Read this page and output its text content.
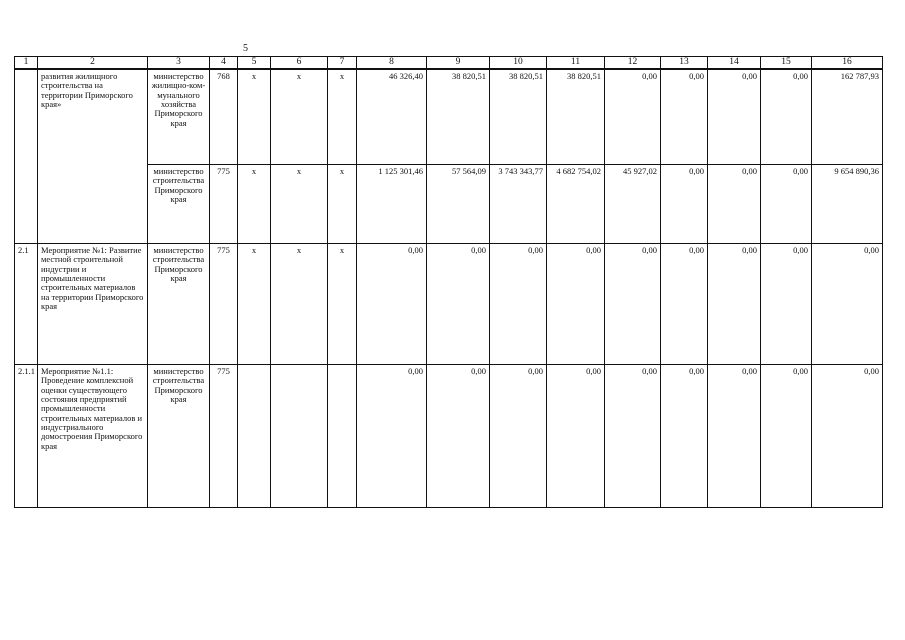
5
1	2	3	4	5	6	7	8	9	10	11	12	13	14	15	16
	развития жилищного строительства на территории Приморского края»	министерство жилищно-ком-мунального хозяйства Приморского края	768	x	x	x	46 326,40	38 820,51	38 820,51	38 820,51	0,00	0,00	0,00	0,00	162 787,93
		министерство строительства Приморского края	775	x	x	x	1 125 301,46	57 564,09	3 743 343,77	4 682 754,02	45 927,02	0,00	0,00	0,00	9 654 890,36
2.1	Мероприятие №1: Развитие местной строительной индустрии и промышленности строительных материалов на территории Приморского края	министерство строительства Приморского края	775	x	x	x	0,00	0,00	0,00	0,00	0,00	0,00	0,00	0,00	0,00
2.1.1	Мероприятие №1.1: Проведение комплексной оценки существующего состояния предприятий промышленности строительных материалов и индустриального домостроения Приморского края	министерство строительства Приморского края	775				0,00	0,00	0,00	0,00	0,00	0,00	0,00	0,00	0,00
